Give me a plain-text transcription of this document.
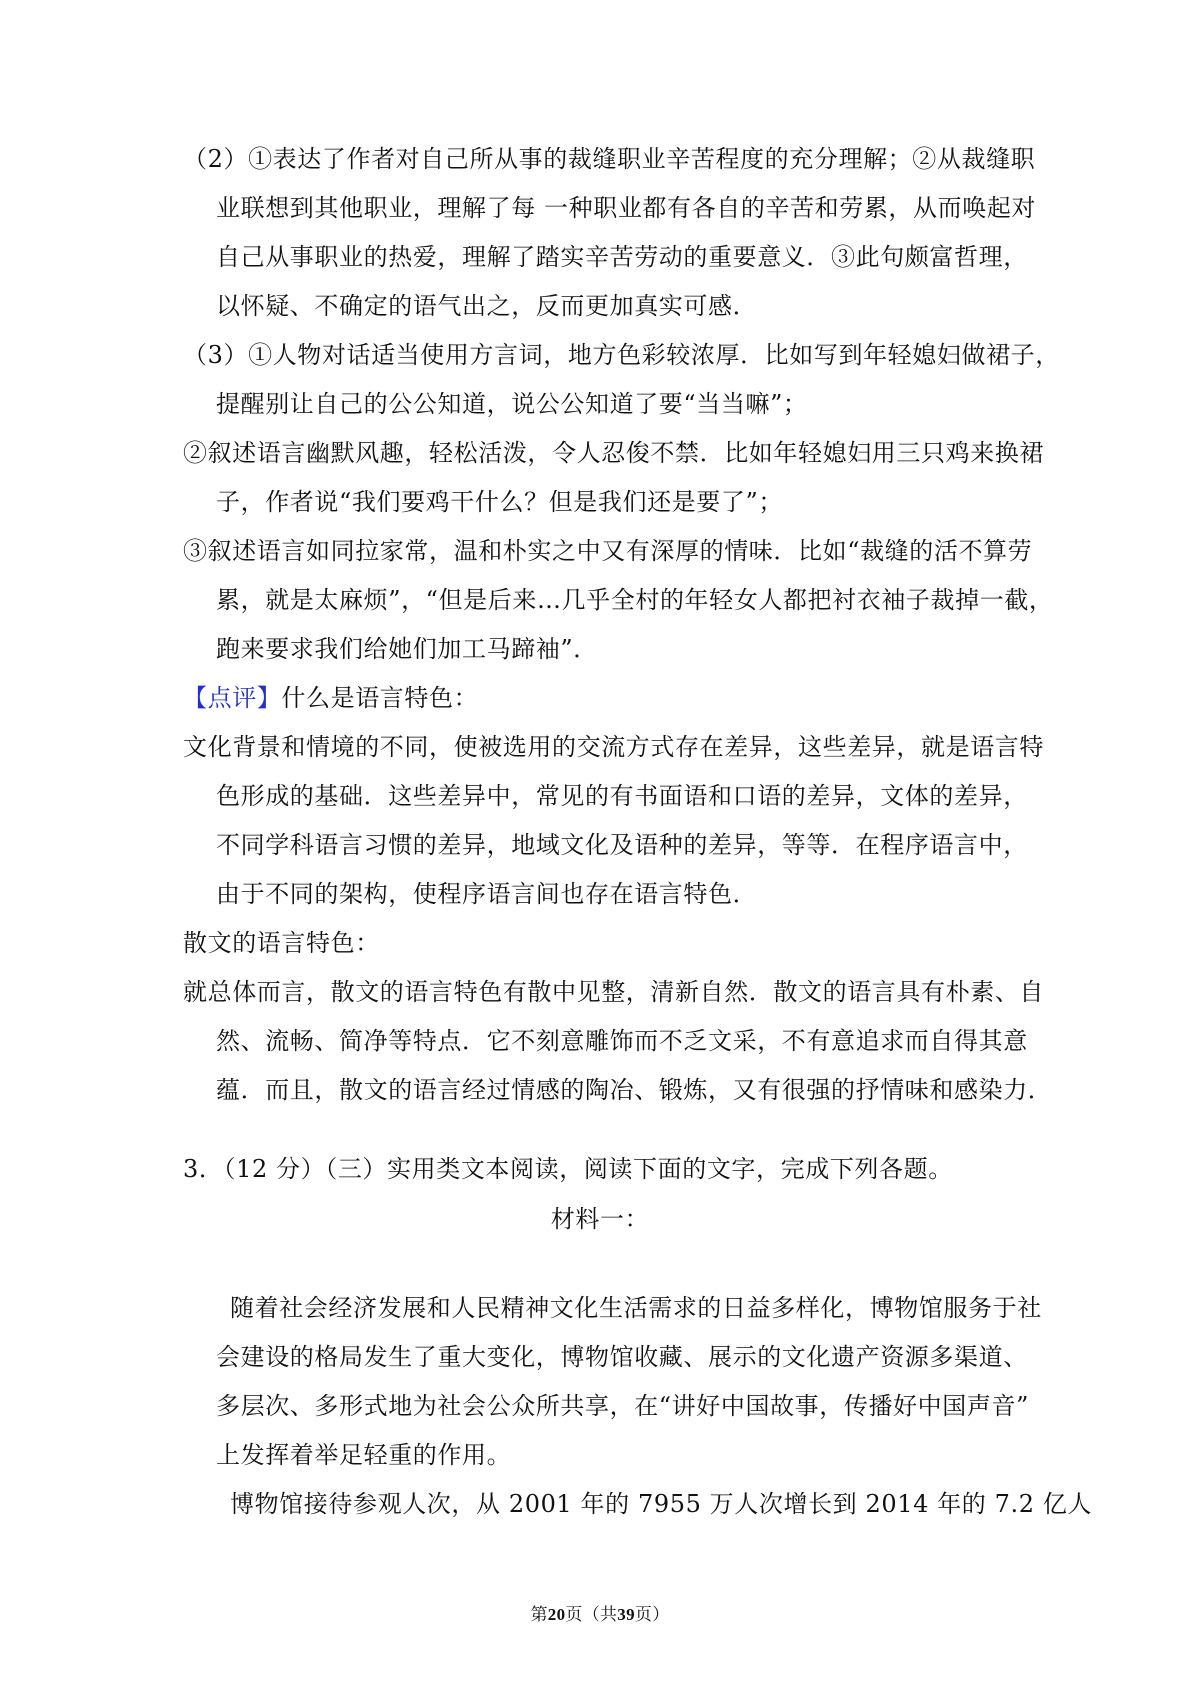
（2）①表达了作者对自己所从事的裁缝职业辛苦程度的充分理解；②从裁缝职
业联想到其他职业，理解了每 一种职业都有各自的辛苦和劳累，从而唤起对
自己从事职业的热爱，理解了踏实辛苦劳动的重要意义．③此句颇富哲理，
以怀疑、不确定的语气出之，反而更加真实可感．
（3）①人物对话适当使用方言词，地方色彩较浓厚．比如写到年轻媳妇做裙子，
提醒别让自己的公公知道，说公公知道了要“当当嘛”；
②叙述语言幽默风趣，轻松活泼，令人忍俊不禁．比如年轻媳妇用三只鸡来换裙
子，作者说“我们要鸡干什么？但是我们还是要了”；
③叙述语言如同拉家常，温和朴实之中又有深厚的情味．比如“裁缝的活不算劳
累，就是太麻烦”，“但是后来…几乎全村的年轻女人都把衬衣袖子裁掉一截，
跑来要求我们给她们加工马蹄袖”．
【点评】什么是语言特色：
文化背景和情境的不同，使被选用的交流方式存在差异，这些差异，就是语言特
色形成的基础．这些差异中，常见的有书面语和口语的差异，文体的差异，
不同学科语言习惯的差异，地域文化及语种的差异，等等．在程序语言中，
由于不同的架构，使程序语言间也存在语言特色．
散文的语言特色：
就总体而言，散文的语言特色有散中见整，清新自然．散文的语言具有朴素、自
然、流畅、简净等特点．它不刻意雕饰而不乏文采，不有意追求而自得其意
蕴．而且，散文的语言经过情感的陶冶、锻炼，又有很强的抒情味和感染力．
3．（12 分）（三）实用类文本阅读，阅读下面的文字，完成下列各题。
材料一：
随着社会经济发展和人民精神文化生活需求的日益多样化，博物馆服务于社
会建设的格局发生了重大变化，博物馆收藏、展示的文化遗产资源多渠道、
多层次、多形式地为社会公众所共享，在“讲好中国故事，传播好中国声音”
上发挥着举足轻重的作用。
博物馆接待参观人次，从 2001 年的 7955 万人次增长到 2014 年的 7.2 亿人
第20页（共39页）
